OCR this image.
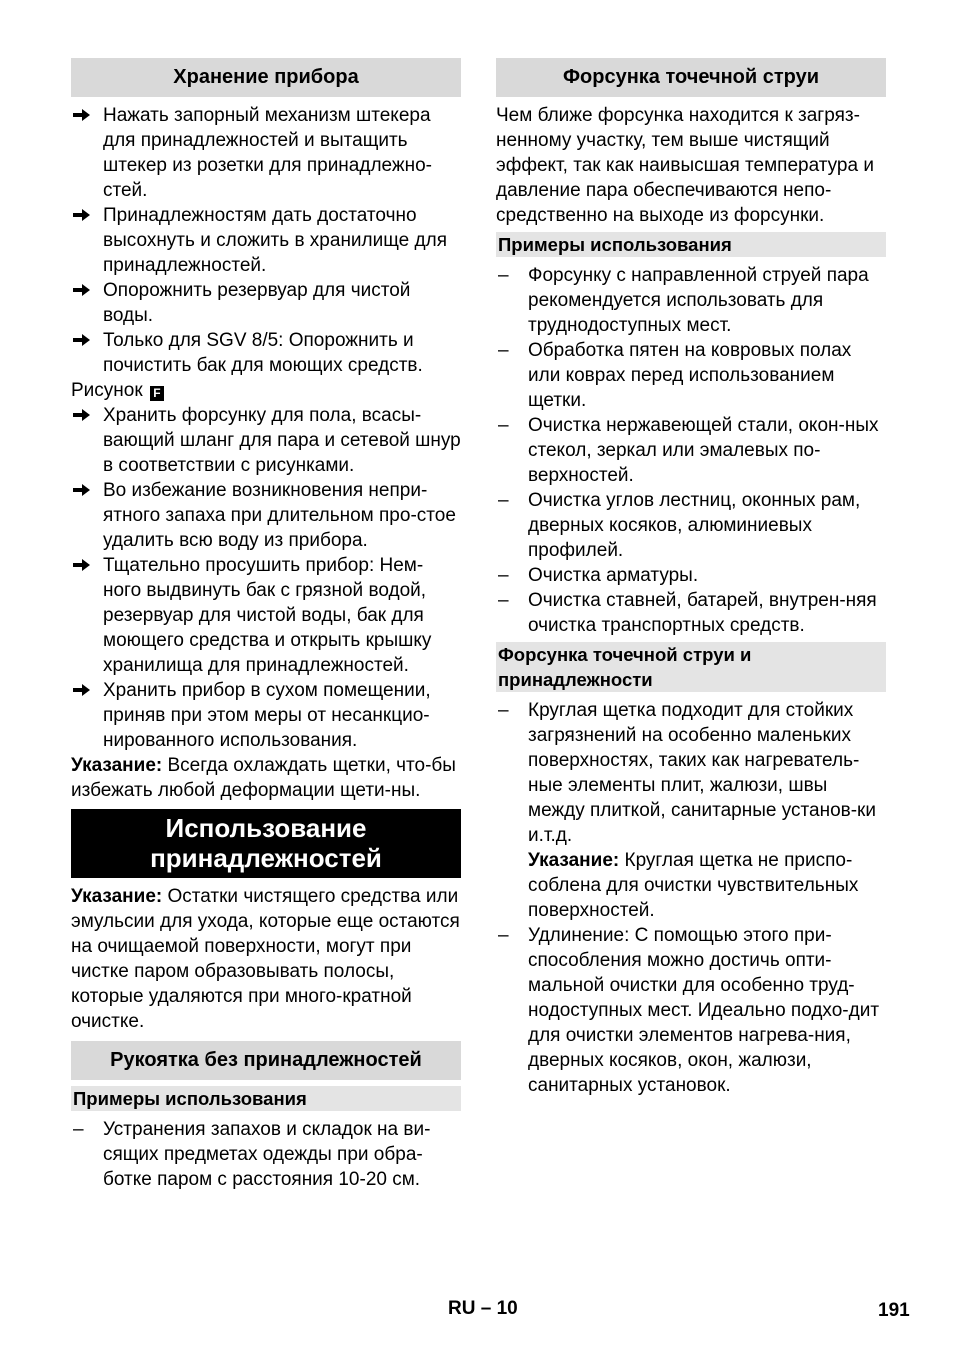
Хранение прибора
Нажать запорный механизм штекера для принадлежностей и вытащить штекер из розетки для принадлежно-стей.
Принадлежностям дать достаточно высохнуть и сложить в хранилище для принадлежностей.
Опорожнить резервуар для чистой воды.
Только для SGV 8/5: Опорожнить и почистить бак для моющих средств.
Рисунок F
Хранить форсунку для пола, всасы-вающий шланг для пара и сетевой шнур в соответствии с рисунками.
Во избежание возникновения непри-ятного запаха при длительном про-стое удалить всю воду из прибора.
Тщательно просушить прибор: Нем-ного выдвинуть бак с грязной водой, резервуар для чистой воды, бак для моющего средства и открыть крышку хранилища для принадлежностей.
Хранить прибор в сухом помещении, приняв при этом меры от несанкцио-нированного использования.

Указание: Всегда охлаждать щетки, что-бы избежать любой деформации щети-ны.

Использование принадлежностей

Указание: Остатки чистящего средства или эмульсии для ухода, которые еще остаются на очищаемой поверхности, могут при чистке паром образовывать полосы, которые удаляются при много-кратной очистке.

Рукоятка без принадлежностей
Примеры использования
– Устранения запахов и складок на ви-сящих предметах одежды при обра-ботке паром с расстояния 10-20 см.
Форсунка точечной струи

Чем ближе форсунка находится к загряз-ненному участку, тем выше чистящий эффект, так как наивысшая температура и давление пара обеспечиваются непо-средственно на выходе из форсунки.

Примеры использования
– Форсунку с направленной струей пара рекомендуется использовать для труднодоступных мест.
– Обработка пятен на ковровых полах или коврах перед использованием щетки.
– Очистка нержавеющей стали, окон-ных стекол, зеркал или эмалевых по-верхностей.
– Очистка углов лестниц, оконных рам, дверных косяков, алюминиевых профилей.
– Очистка арматуры.
– Очистка ставней, батарей, внутрен-няя очистка транспортных средств.
Форсунка точечной струи и принадлежности
– Круглая щетка подходит для стойких загрязнений на особенно маленьких поверхностях, таких как нагреватель-ные элементы плит, жалюзи, швы между плиткой, санитарные установ-ки и.т.д.
Указание: Круглая щетка не приспо-соблена для очистки чувствительных поверхностей.
– Удлинение: С помощью этого при-способления можно достичь опти-мальной очистки для особенно труд-нодоступных мест. Идеально подхо-дит для очистки элементов нагрева-ния, дверных косяков, окон, жалюзи, санитарных установок.
RU – 10	191
